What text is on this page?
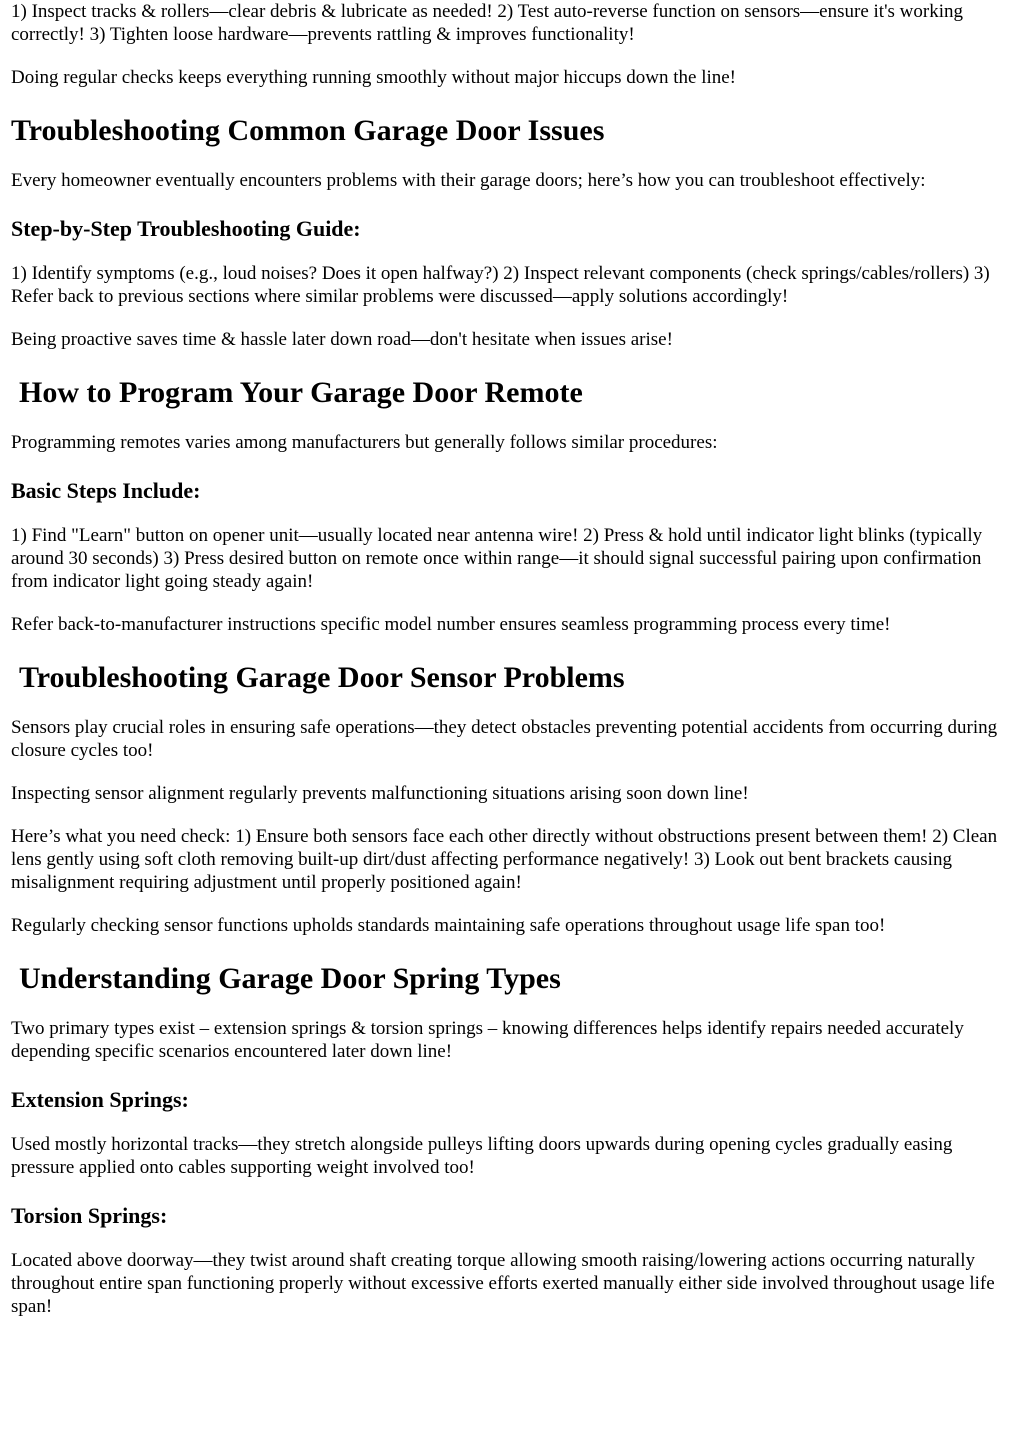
1) Inspect tracks & rollers—clear debris & lubricate as needed! 2) Test auto-reverse function on sensors—ensure it's working correctly! 3) Tighten loose hardware—prevents rattling & improves functionality!

Doing regular checks keeps everything running smoothly without major hiccups down the line!

Troubleshooting Common Garage Door Issues

Every homeowner eventually encounters problems with their garage doors; here’s how you can troubleshoot effectively:

Step-by-Step Troubleshooting Guide:

1) Identify symptoms (e.g., loud noises? Does it open halfway?) 2) Inspect relevant components (check springs/cables/rollers) 3) Refer back to previous sections where similar problems were discussed—apply solutions accordingly!

Being proactive saves time & hassle later down road—don't hesitate when issues arise!

How to Program Your Garage Door Remote

Programming remotes varies among manufacturers but generally follows similar procedures:

Basic Steps Include:

1) Find "Learn" button on opener unit—usually located near antenna wire! 2) Press & hold until indicator light blinks (typically around 30 seconds) 3) Press desired button on remote once within range—it should signal successful pairing upon confirmation from indicator light going steady again!

Refer back-to-manufacturer instructions specific model number ensures seamless programming process every time!

Troubleshooting Garage Door Sensor Problems

Sensors play crucial roles in ensuring safe operations—they detect obstacles preventing potential accidents from occurring during closure cycles too!

Inspecting sensor alignment regularly prevents malfunctioning situations arising soon down line!

Here’s what you need check: 1) Ensure both sensors face each other directly without obstructions present between them! 2) Clean lens gently using soft cloth removing built-up dirt/dust affecting performance negatively! 3) Look out bent brackets causing misalignment requiring adjustment until properly positioned again!

Regularly checking sensor functions upholds standards maintaining safe operations throughout usage life span too!

Understanding Garage Door Spring Types

Two primary types exist – extension springs & torsion springs – knowing differences helps identify repairs needed accurately depending specific scenarios encountered later down line!

Extension Springs:

Used mostly horizontal tracks—they stretch alongside pulleys lifting doors upwards during opening cycles gradually easing pressure applied onto cables supporting weight involved too!

Torsion Springs:

Located above doorway—they twist around shaft creating torque allowing smooth raising/lowering actions occurring naturally throughout entire span functioning properly without excessive efforts exerted manually either side involved throughout usage life span!
